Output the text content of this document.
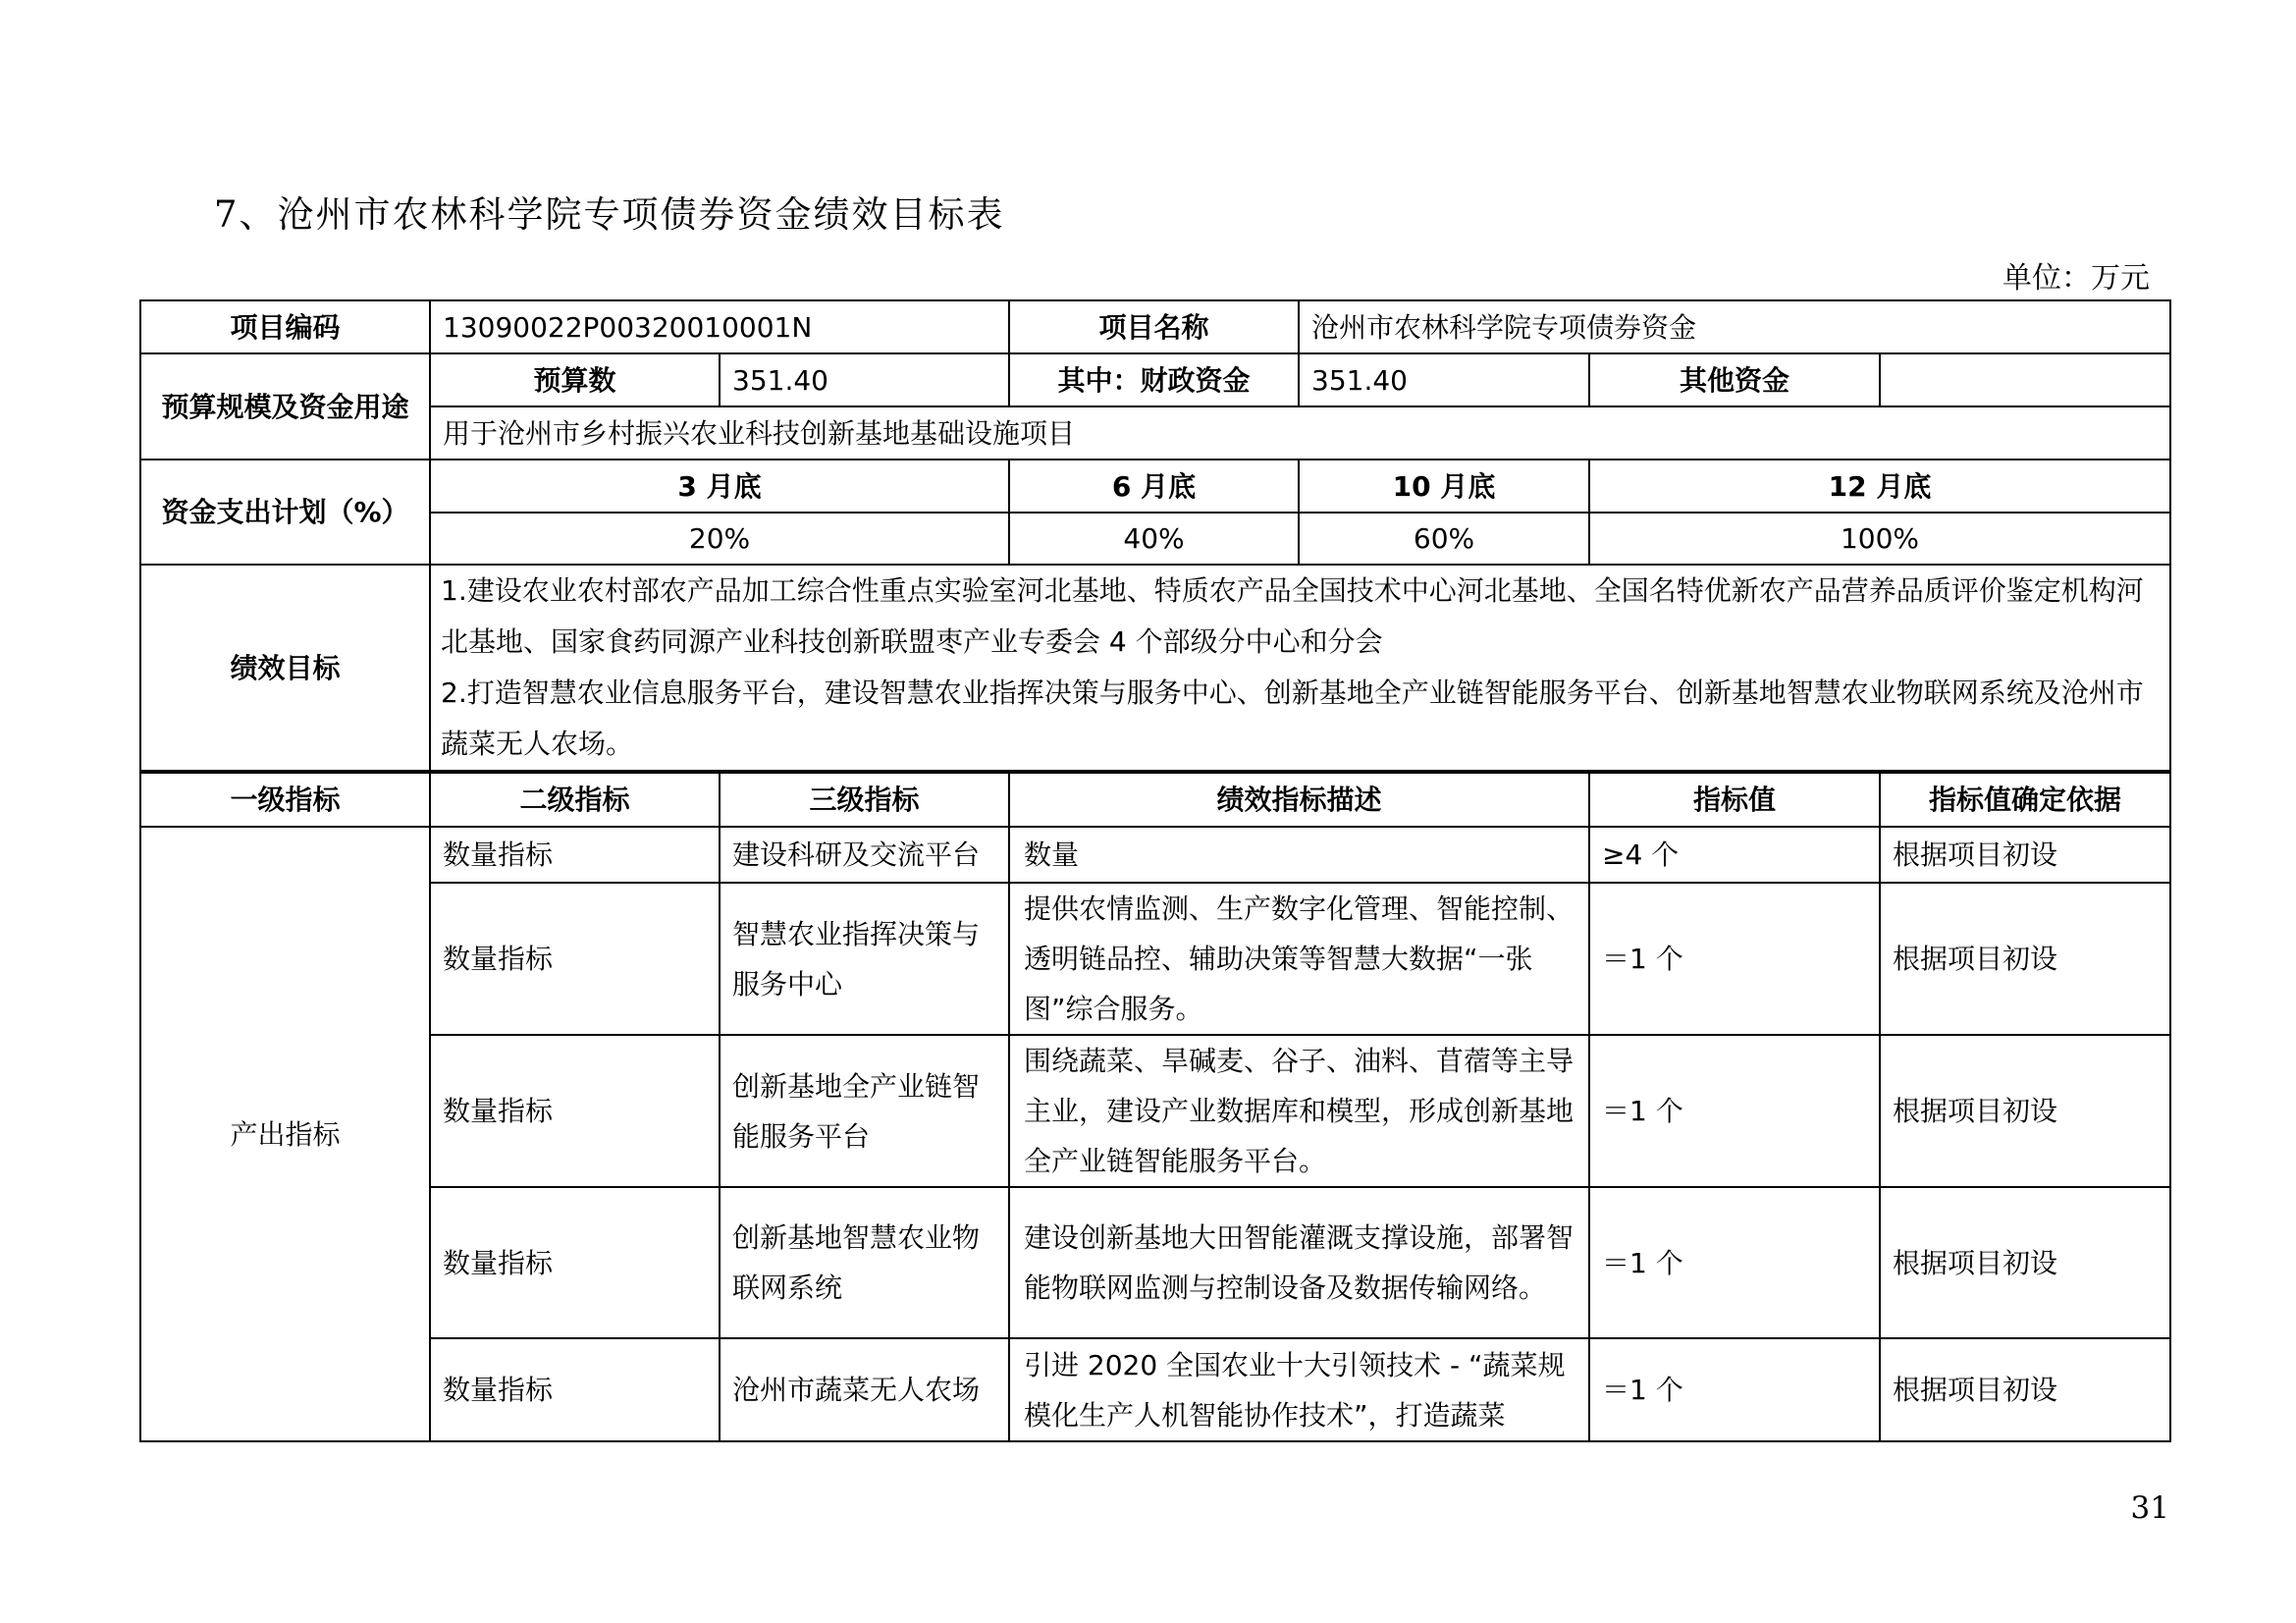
7、沧州市农林科学院专项债券资金绩效目标表
单位：万元
项目编码	13090022P00320010001N		项目名称	沧州市农林科学院专项债券资金		
预算规模及资金用途	预算数	351.40	其中：财政资金	351.40	其他资金	
	用于沧州市乡村振兴农业科技创新基地基础设施项目					
资金支出计划（%）	3 月底		6 月底	10 月底	12 月底	
	20%		40%	60%	100%	
绩效目标	1.建设农业农村部农产品加工综合性重点实验室河北基地、特质农产品全国技术中心河北基地、全国名特优新农产品营养品质评价鉴定机构河北基地、国家食药同源产业科技创新联盟枣产业专委会 4 个部级分中心和分会
2.打造智慧农业信息服务平台，建设智慧农业指挥决策与服务中心、创新基地全产业链智能服务平台、创新基地智慧农业物联网系统及沧州市蔬菜无人农场。					

一级指标	二级指标	三级指标	绩效指标描述		指标值	指标值确定依据
产出指标	数量指标	建设科研及交流平台	数量		≥4 个	根据项目初设
	数量指标	智慧农业指挥决策与服务中心	提供农情监测、生产数字化管理、智能控制、透明链品控、辅助决策等智慧大数据“一张图”综合服务。		＝1 个	根据项目初设
	数量指标	创新基地全产业链智能服务平台	围绕蔬菜、旱碱麦、谷子、油料、苜蓿等主导主业，建设产业数据库和模型，形成创新基地全产业链智能服务平台。		＝1 个	根据项目初设
	数量指标	创新基地智慧农业物联网系统	建设创新基地大田智能灌溉支撑设施，部署智能物联网监测与控制设备及数据传输网络。		＝1 个	根据项目初设
	数量指标	沧州市蔬菜无人农场	引进 2020 全国农业十大引领技术 - “蔬菜规模化生产人机智能协作技术”，打造蔬菜		＝1 个	根据项目初设
31
